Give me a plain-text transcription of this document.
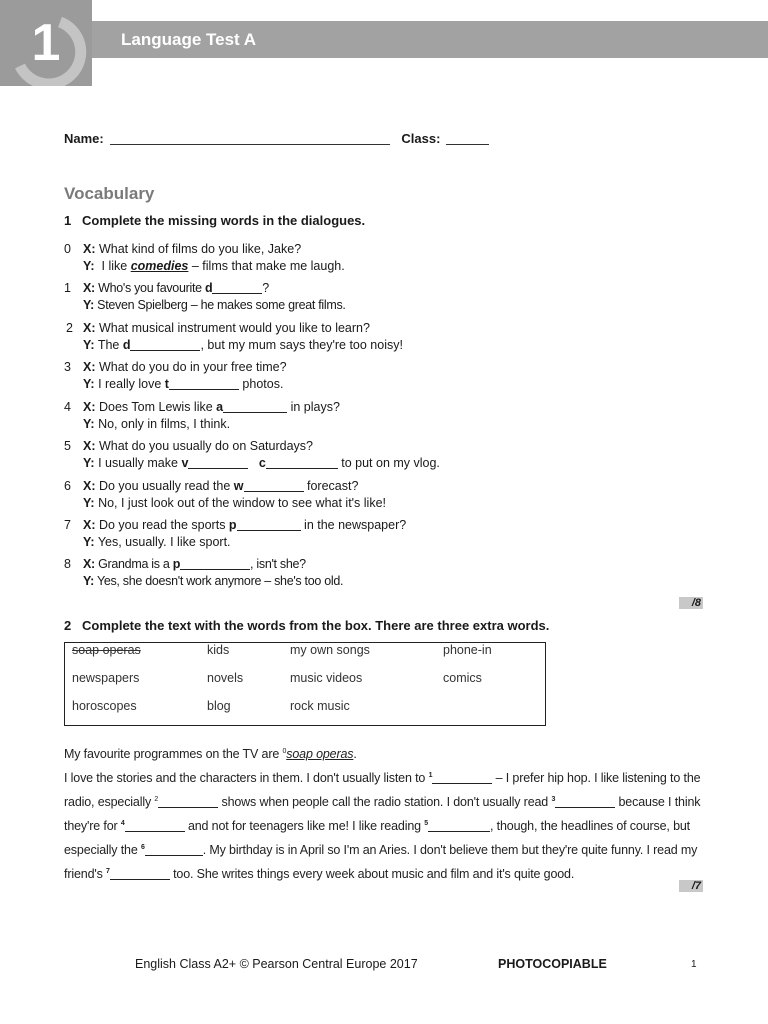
1	Language Test A
Name:	Class:
Vocabulary
1 Complete the missing words in the dialogues.
0 X: What kind of films do you like, Jake?
Y: I like comedies – films that make me laugh.
1 X: Who's you favourite d	?
Y: Steven Spielberg – he makes some great films.
2 X: What musical instrument would you like to learn?
Y: The d	, but my mum says they're too noisy!
3 X: What do you do in your free time?
Y: I really love t	photos.
4 X: Does Tom Lewis like a	in plays?
Y: No, only in films, I think.
5 X: What do you usually do on Saturdays?
Y: I usually make v	c	to put on my vlog.
6 X: Do you usually read the w	forecast?
Y: No, I just look out of the window to see what it's like!
7 X: Do you read the sports p	in the newspaper?
Y: Yes, usually. I like sport.
8 X: Grandma is a p	, isn't she?
Y: Yes, she doesn't work anymore – she's too old.
/8
2 Complete the text with the words from the box. There are three extra words.
soap operas	kids	my own songs	phone-in
newspapers	novels	music videos	comics
horoscopes	blog	rock music
My favourite programmes on the TV are $^0$soap operas.
I love the stories and the characters in them. I don't usually listen to $^1$	– I prefer hip hop. I like listening to the
radio, especially $^2$	shows when people call the radio station. I don't usually read $^3$	because I think
they're for $^4$	and not for teenagers like me! I like reading $^5$	, though, the headlines of course, but
especially the $^6$	. My birthday is in April so I'm an Aries. I don't believe them but they're quite funny. I read my
friend's $^7$	too. She writes things every week about music and film and it's quite good.
/7
English Class A2+ © Pearson Central Europe 2017	PHOTOCOPIABLE	1
